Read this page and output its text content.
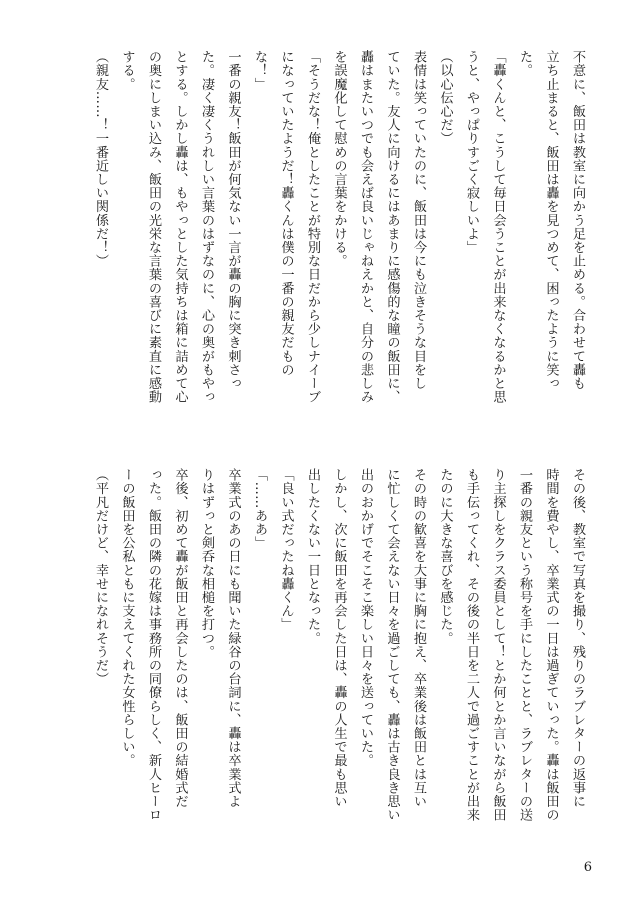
不意に、飯田は教室に向かう足を止める。合わせて轟も

立ち止まると、飯田は轟を見つめて、困ったように笑っ

た。

「轟くんと、こうして毎日会うことが出来なくなるかと思

うと、やっぱりすごく寂しいよ」

（以心伝心だ）

表情は笑っていたのに、飯田は今にも泣きそうな目をし

ていた。友人に向けるにはあまりに感傷的な瞳の飯田に、

轟はまたいつでも会えば良いじゃねえかと、自分の悲しみ

を誤魔化して慰めの言葉をかける。

「そうだな！俺としたことが特別な日だから少しナイーブ

になっていたようだ！轟くんは僕の一番の親友だもの

な！」

一番の親友！飯田が何気ない一言が轟の胸に突き刺さっ

た。凄く凄くうれしい言葉のはずなのに、心の奥がもやっ

とする。しかし轟は、もやっとした気持ちは箱に詰めて心

の奥にしまい込み、飯田の光栄な言葉の喜びに素直に感動

する。

（親友……！一番近しい関係だ！）

その後、教室で写真を撮り、残りのラブレターの返事に

時間を費やし、卒業式の一日は過ぎていった。轟は飯田の

一番の親友という称号を手にしたことと、ラブレターの送

り主探しをクラス委員として！とか何とか言いながら飯田

も手伝ってくれ、その後の半日を二人で過ごすことが出来

たのに大きな喜びを感じた。

その時の歓喜を大事に胸に抱え、卒業後は飯田とは互い

に忙しくて会えない日々を過ごしても、轟は古き良き思い

出のおかげでそこそこ楽しい日々を送っていた。

しかし、次に飯田を再会した日は、轟の人生で最も思い

出したくない一日となった。

「良い式だったね轟くん」

「……ああ」

卒業式のあの日にも聞いた緑谷の台詞に、轟は卒業式よ

りはずっと剣呑な相槌を打つ。

卒後、初めて轟が飯田と再会したのは、飯田の結婚式だ

った。飯田の隣の花嫁は事務所の同僚らしく、新人ヒーロ

ーの飯田を公私ともに支えてくれた女性らしい。

（平凡だけど、幸せになれそうだ）

6
